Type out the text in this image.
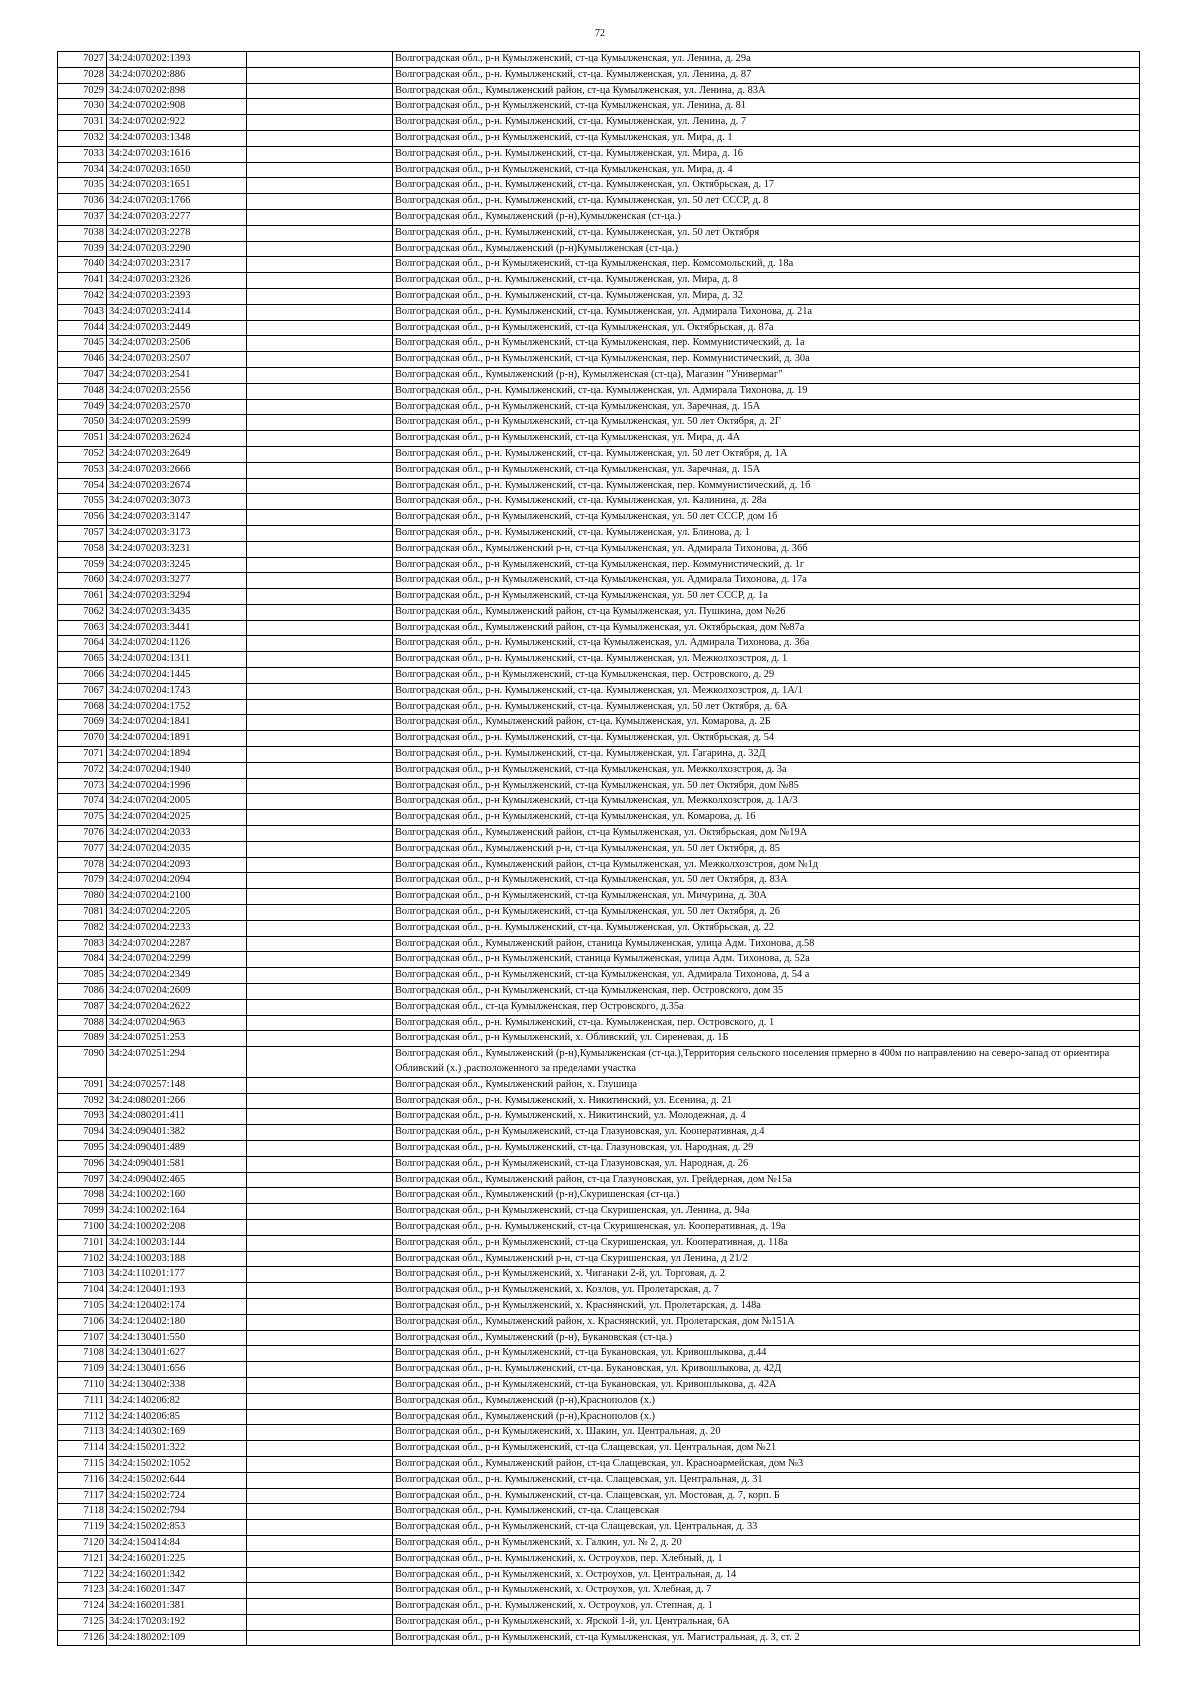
72
7027	34:24:070202:1393		Волгоградская обл., р-н Кумылженский, ст-ца Кумылженская, ул. Ленина, д. 29а
7028	34:24:070202:886		Волгоградская обл., р-н. Кумылженский, ст-ца. Кумылженская, ул. Ленина, д. 87
7029	34:24:070202:898		Волгоградская обл., Кумылженский район, ст-ца Кумылженская, ул. Ленина, д. 83А
7030	34:24:070202:908		Волгоградская обл., р-н Кумылженский, ст-ца Кумылженская, ул. Ленина, д. 81
7031	34:24:070202:922		Волгоградская обл., р-н. Кумылженский, ст-ца. Кумылженская, ул. Ленина, д. 7
7032	34:24:070203:1348		Волгоградская обл., р-н Кумылженский, ст-ца Кумылженская, ул. Мира, д. 1
7033	34:24:070203:1616		Волгоградская обл., р-н. Кумылженский, ст-ца. Кумылженская, ул. Мира, д. 16
7034	34:24:070203:1650		Волгоградская обл., р-н Кумылженский, ст-ца Кумылженская, ул. Мира, д. 4
7035	34:24:070203:1651		Волгоградская обл., р-н. Кумылженский, ст-ца. Кумылженская, ул. Октябрьская, д. 17
7036	34:24:070203:1766		Волгоградская обл., р-н. Кумылженский, ст-ца. Кумылженская, ул. 50 лет СССР, д. 8
7037	34:24:070203:2277		Волгоградская обл., Кумылженский (р-н),Кумылженская (ст-ца.)
7038	34:24:070203:2278		Волгоградская обл., р-н. Кумылженский, ст-ца. Кумылженская, ул. 50 лет Октября
7039	34:24:070203:2290		Волгоградская обл., Кумылженский (р-н)Кумылженская (ст-ца.)
7040	34:24:070203:2317		Волгоградская обл., р-н Кумылженский, ст-ца Кумылженская, пер. Комсомольский, д. 18а
7041	34:24:070203:2326		Волгоградская обл., р-н. Кумылженский, ст-ца. Кумылженская, ул. Мира, д. 8
7042	34:24:070203:2393		Волгоградская обл., р-н. Кумылженский, ст-ца. Кумылженская, ул. Мира, д. 32
7043	34:24:070203:2414		Волгоградская обл., р-н. Кумылженский, ст-ца. Кумылженская, ул. Адмирала Тихонова, д. 21а
7044	34:24:070203:2449		Волгоградская обл., р-н Кумылженский, ст-ца Кумылженская, ул. Октябрьская, д. 87а
7045	34:24:070203:2506		Волгоградская обл., р-н Кумылженский, ст-ца Кумылженская, пер. Коммунистический, д. 1а
7046	34:24:070203:2507		Волгоградская обл., р-н Кумылженский, ст-ца Кумылженская, пер. Коммунистический, д. 30а
7047	34:24:070203:2541		Волгоградская обл., Кумылженский (р-н), Кумылженская (ст-ца), Магазин "Универмаг"
7048	34:24:070203:2556		Волгоградская обл., р-н. Кумылженский, ст-ца. Кумылженская, ул. Адмирала Тихонова, д. 19
7049	34:24:070203:2570		Волгоградская обл., р-н Кумылженский, ст-ца Кумылженская, ул. Заречная, д. 15А
7050	34:24:070203:2599		Волгоградская обл., р-н Кумылженский, ст-ца Кумылженская, ул. 50 лет Октября, д. 2Г
7051	34:24:070203:2624		Волгоградская обл., р-н Кумылженский, ст-ца Кумылженская, ул. Мира, д. 4А
7052	34:24:070203:2649		Волгоградская обл., р-н. Кумылженский, ст-ца. Кумылженская, ул. 50 лет Октября, д. 1А
7053	34:24:070203:2666		Волгоградская обл., р-н Кумылженский, ст-ца Кумылженская, ул. Заречная, д. 15А
7054	34:24:070203:2674		Волгоградская обл., р-н. Кумылженский, ст-ца. Кумылженская, пер. Коммунистический, д. 1б
7055	34:24:070203:3073		Волгоградская обл., р-н. Кумылженский, ст-ца. Кумылженская, ул. Калинина, д. 28а
7056	34:24:070203:3147		Волгоградская обл., р-н Кумылженский, ст-ца Кумылженская, ул. 50 лет СССР, дом 1б
7057	34:24:070203:3173		Волгоградская обл., р-н. Кумылженский, ст-ца. Кумылженская, ул. Блинова, д. 1
7058	34:24:070203:3231		Волгоградская обл., Кумылженский р-н, ст-ца Кумылженская, ул. Адмирала Тихонова, д. 36б
7059	34:24:070203:3245		Волгоградская обл., р-н Кумылженский, ст-ца Кумылженская, пер. Коммунистический, д. 1г
7060	34:24:070203:3277		Волгоградская обл., р-н Кумылженский, ст-ца Кумылженская, ул. Адмирала Тихонова, д. 17а
7061	34:24:070203:3294		Волгоградская обл., р-н Кумылженский, ст-ца Кумылженская, ул. 50 лет СССР, д. 1а
7062	34:24:070203:3435		Волгоградская обл., Кумылженский район, ст-ца Кумылженская, ул. Пушкина, дом №26
7063	34:24:070203:3441		Волгоградская обл., Кумылженский район, ст-ца Кумылженская, ул. Октябрьская, дом №87а
7064	34:24:070204:1126		Волгоградская обл., р-н. Кумылженский, ст-ца Кумылженская, ул. Адмирала Тихонова, д. 36а
7065	34:24:070204:1311		Волгоградская обл., р-н. Кумылженский, ст-ца. Кумылженская, ул. Межколхозстроя, д. 1
7066	34:24:070204:1445		Волгоградская обл., р-н Кумылженский, ст-ца Кумылженская, пер. Островского, д. 29
7067	34:24:070204:1743		Волгоградская обл., р-н. Кумылженский, ст-ца. Кумылженская, ул. Межколхозстроя, д. 1А/1
7068	34:24:070204:1752		Волгоградская обл., р-н. Кумылженский, ст-ца. Кумылженская, ул. 50 лет Октября, д. 6А
7069	34:24:070204:1841		Волгоградская обл., Кумылженский район, ст-ца. Кумылженская, ул. Комарова, д. 2Б
7070	34:24:070204:1891		Волгоградская обл., р-н. Кумылженский, ст-ца. Кумылженская, ул. Октябрьская, д. 54
7071	34:24:070204:1894		Волгоградская обл., р-н. Кумылженский, ст-ца. Кумылженская, ул. Гагарина, д. 32Д
7072	34:24:070204:1940		Волгоградская обл., р-н Кумылженский, ст-ца Кумылженская, ул. Межколхозстроя, д. 3а
7073	34:24:070204:1996		Волгоградская обл., р-н Кумылженский, ст-ца Кумылженская, ул. 50 лет Октября, дом №85
7074	34:24:070204:2005		Волгоградская обл., р-н Кумылженский, ст-ца Кумылженская, ул. Межколхозстроя, д. 1А/3
7075	34:24:070204:2025		Волгоградская обл., р-н Кумылженский, ст-ца Кумылженская, ул. Комарова, д. 16
7076	34:24:070204:2033		Волгоградская обл., Кумылженский район, ст-ца Кумылженская, ул. Октябрьская, дом №19А
7077	34:24:070204:2035		Волгоградская обл., Кумылженский р-н, ст-ца Кумылженская, ул. 50 лет Октября, д. 85
7078	34:24:070204:2093		Волгоградская обл., Кумылженский район, ст-ца Кумылженская, ул. Межколхозстроя, дом №1д
7079	34:24:070204:2094		Волгоградская обл., р-н Кумылженский, ст-ца Кумылженская, ул. 50 лет Октября, д. 83А
7080	34:24:070204:2100		Волгоградская обл., р-н Кумылженский, ст-ца Кумылженская, ул. Мичурина, д. 30А
7081	34:24:070204:2205		Волгоградская обл., р-н Кумылженский, ст-ца Кумылженская, ул. 50 лет Октября, д. 26
7082	34:24:070204:2233		Волгоградская обл., р-н. Кумылженский, ст-ца. Кумылженская, ул. Октябрьская, д. 22
7083	34:24:070204:2287		Волгоградская обл., Кумылженский район, станица Кумылженская, улица Адм. Тихонова, д.58
7084	34:24:070204:2299		Волгоградская обл., р-н Кумылженский, станица Кумылженская, улица Адм. Тихонова, д. 52а
7085	34:24:070204:2349		Волгоградская обл., р-н Кумылженский, ст-ца Кумылженская, ул. Адмирала Тихонова, д. 54 а
7086	34:24:070204:2609		Волгоградская обл., р-н Кумылженский, ст-ца Кумылженская, пер. Островского, дом 35
7087	34:24:070204:2622		Волгоградская обл., ст-ца Кумылженская, пер Островского, д.35а
7088	34:24:070204:963		Волгоградская обл., р-н. Кумылженский, ст-ца. Кумылженская, пер. Островского, д. 1
7089	34:24:070251:253		Волгоградская обл., р-н Кумылженский, х. Обливский, ул. Сиреневая, д. 1Б
7090	34:24:070251:294		Волгоградская обл., Кумылженский (р-н),Кумылженская (ст-ца.),Территория сельского поселения прмерно в 400м по направлению на северо-запад от ориентира Обливский (х.) ,расположенного за пределами участка
7091	34:24:070257:148		Волгоградская обл., Кумылженский район, х. Глушица
7092	34:24:080201:266		Волгоградская обл., р-н. Кумылженский, х. Никитинский, ул. Есенина, д. 21
7093	34:24:080201:411		Волгоградская обл., р-н. Кумылженский, х. Никитинский, ул. Молодежная, д. 4
7094	34:24:090401:382		Волгоградская обл., р-н Кумылженский, ст-ца Глазуновская, ул. Кооперативная, д.4
7095	34:24:090401:489		Волгоградская обл., р-н. Кумылженский, ст-ца. Глазуновская, ул. Народная, д. 29
7096	34:24:090401:581		Волгоградская обл., р-н Кумылженский, ст-ца Глазуновская, ул. Народная, д. 26
7097	34:24:090402:465		Волгоградская обл., Кумылженский район, ст-ца Глазуновская, ул. Грейдерная, дом №15а
7098	34:24:100202:160		Волгоградская обл., Кумылженский (р-н),Скуришенская (ст-ца.)
7099	34:24:100202:164		Волгоградская обл., р-н Кумылженский, ст-ца Скуришенская, ул. Ленина, д. 94а
7100	34:24:100202:208		Волгоградская обл., р-н. Кумылженский, ст-ца Скуришенская, ул. Кооперативная, д. 19а
7101	34:24:100203:144		Волгоградская обл., р-н Кумылженский, ст-ца Скуришенская, ул. Кооперативная, д. 118а
7102	34:24:100203:188		Волгоградская обл., Кумылженский р-н, ст-ца Скуришенская, ул Ленина, д 21/2
7103	34:24:110201:177		Волгоградская обл., р-н Кумылженский, х. Чиганаки 2-й, ул. Торговая, д. 2
7104	34:24:120401:193		Волгоградская обл., р-н Кумылженский, х. Козлов, ул. Пролетарская, д. 7
7105	34:24:120402:174		Волгоградская обл., р-н Кумылженский, х. Краснянский, ул. Пролетарская, д. 148а
7106	34:24:120402:180		Волгоградская обл., Кумылженский район, х. Краснянский, ул. Пролетарская, дом №151А
7107	34:24:130401:550		Волгоградская обл., Кумылженский (р-н), Букановская (ст-ца.)
7108	34:24:130401:627		Волгоградская обл., р-н Кумылженский, ст-ца Букановская, ул. Кривошлыкова, д.44
7109	34:24:130401:656		Волгоградская обл., р-н. Кумылженский, ст-ца. Букановская, ул. Кривошлыкова, д. 42Д
7110	34:24:130402:338		Волгоградская обл., р-н Кумылженский, ст-ца Букановская, ул. Кривошлыкова, д. 42А
7111	34:24:140206:82		Волгоградская обл., Кумылженский (р-н),Краснополов (х.)
7112	34:24:140206:85		Волгоградская обл., Кумылженский (р-н),Краснополов (х.)
7113	34:24:140302:169		Волгоградская обл., р-н Кумылженский, х. Шакин, ул. Центральная, д. 20
7114	34:24:150201:322		Волгоградская обл., р-н Кумылженский, ст-ца Слащевская, ул. Центральная, дом №21
7115	34:24:150202:1052		Волгоградская обл., Кумылженский район, ст-ца Слащевская, ул. Красноармейская, дом №3
7116	34:24:150202:644		Волгоградская обл., р-н. Кумылженский, ст-ца. Слащевская, ул. Центральная, д. 31
7117	34:24:150202:724		Волгоградская обл., р-н. Кумылженский, ст-ца. Слащевская, ул. Мостовая, д. 7, корп. Б
7118	34:24:150202:794		Волгоградская обл., р-н. Кумылженский, ст-ца. Слащевская
7119	34:24:150202:853		Волгоградская обл., р-н Кумылженский, ст-ца Слащевская, ул. Центральная, д. 33
7120	34:24:150414:84		Волгоградская обл., р-н Кумылженский, х. Галкин, ул. № 2, д. 20
7121	34:24:160201:225		Волгоградская обл., р-н. Кумылженский, х. Остроухов, пер. Хлебный, д. 1
7122	34:24:160201:342		Волгоградская обл., р-н Кумылженский, х. Остроухов, ул. Центральная, д. 14
7123	34:24:160201:347		Волгоградская обл., р-н Кумылженский, х. Остроухов, ул. Хлебная, д. 7
7124	34:24:160201:381		Волгоградская обл., р-н. Кумылженский, х. Остроухов, ул. Степная, д. 1
7125	34:24:170203:192		Волгоградская обл., р-н Кумылженский, х. Ярской 1-й, ул. Центральная, 6А
7126	34:24:180202:109		Волгоградская обл., р-н Кумылженский, ст-ца Кумылженская, ул. Магистральная, д. 3, ст. 2
